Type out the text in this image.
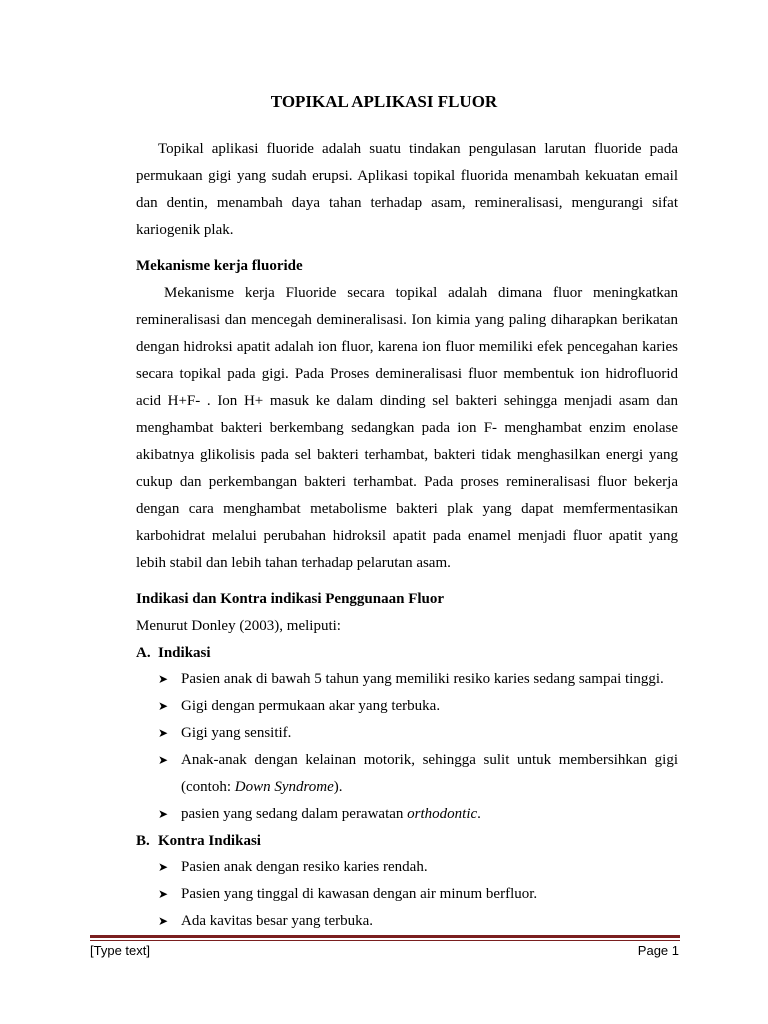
TOPIKAL APLIKASI FLUOR

Topikal aplikasi fluoride adalah suatu tindakan pengulasan larutan fluoride pada permukaan gigi yang sudah erupsi. Aplikasi topikal fluorida menambah kekuatan email dan dentin, menambah daya tahan terhadap asam, remineralisasi, mengurangi sifat kariogenik plak.

Mekanisme kerja fluoride

Mekanisme kerja Fluoride secara topikal adalah dimana fluor meningkatkan remineralisasi dan mencegah demineralisasi. Ion kimia yang paling diharapkan berikatan dengan hidroksi apatit adalah ion fluor, karena ion fluor memiliki efek pencegahan karies secara topikal pada gigi. Pada Proses demineralisasi fluor membentuk ion hidrofluorid acid H+F- . Ion H+ masuk ke dalam dinding sel bakteri sehingga menjadi asam dan menghambat bakteri berkembang sedangkan pada ion F- menghambat enzim enolase akibatnya glikolisis pada sel bakteri terhambat, bakteri tidak menghasilkan energi yang cukup dan perkembangan bakteri terhambat. Pada proses remineralisasi fluor bekerja dengan cara menghambat metabolisme bakteri plak yang dapat memfermentasikan karbohidrat melalui perubahan hidroksil apatit pada enamel menjadi fluor apatit yang lebih stabil dan lebih tahan terhadap pelarutan asam.

Indikasi dan Kontra indikasi Penggunaan Fluor

Menurut Donley (2003), meliputi:

A. Indikasi
➤ Pasien anak di bawah 5 tahun yang memiliki resiko karies sedang sampai tinggi.
➤ Gigi dengan permukaan akar yang terbuka.
➤ Gigi yang sensitif.
➤ Anak-anak dengan kelainan motorik, sehingga sulit untuk membersihkan gigi (contoh: Down Syndrome).
➤ pasien yang sedang dalam perawatan orthodontic.
B. Kontra Indikasi
➤ Pasien anak dengan resiko karies rendah.
➤ Pasien yang tinggal di kawasan dengan air minum berfluor.
➤ Ada kavitas besar yang terbuka.
[Type text]	Page 1
